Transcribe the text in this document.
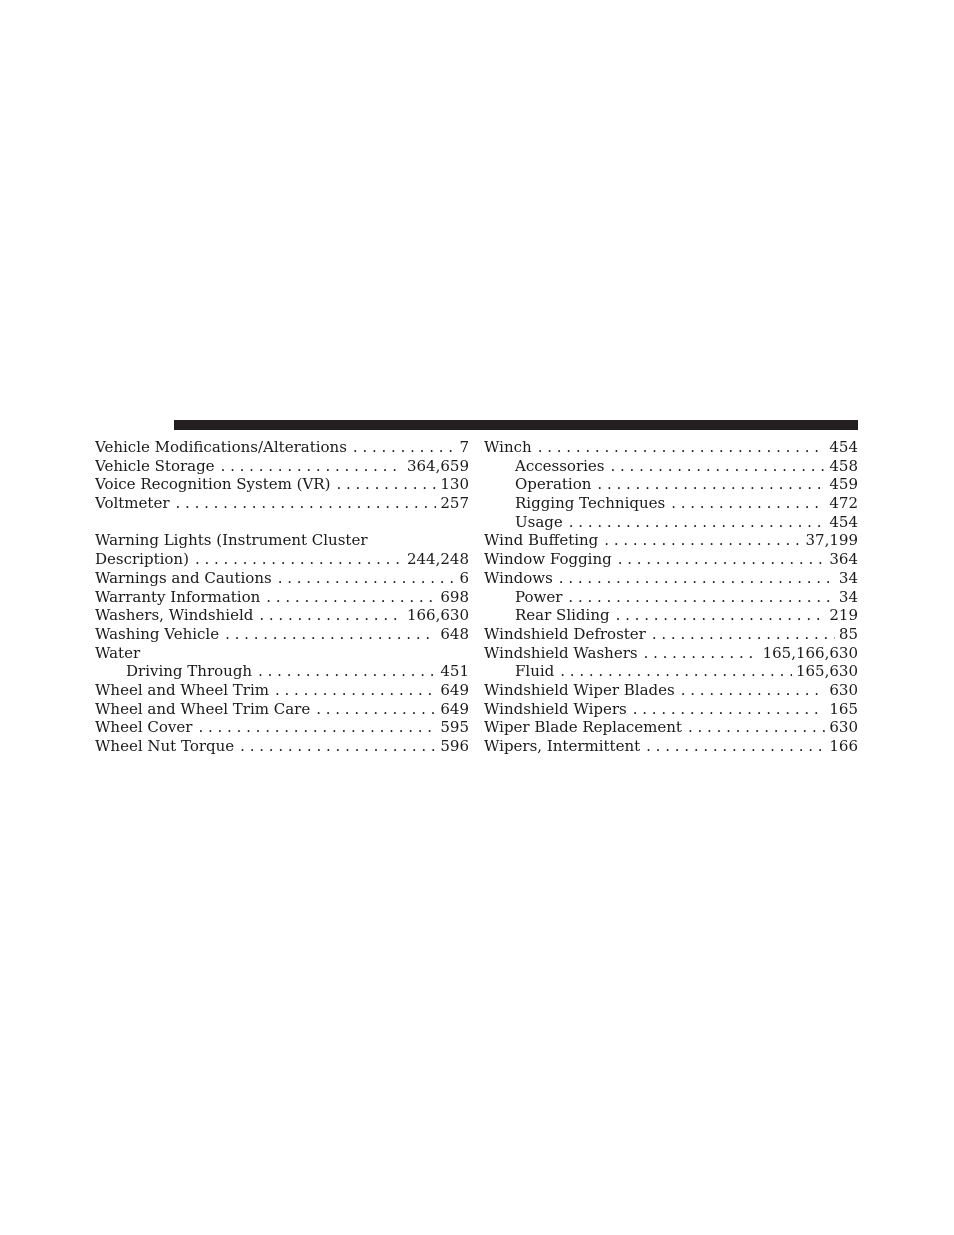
Vehicle Modifications/Alterations . . .	7
Vehicle Storage . . .	364,659
Voice Recognition System (VR) . . .	130
Voltmeter . . .	257
Warning Lights (Instrument Cluster
Description) . . .	244,248
Warnings and Cautions . . .	6
Warranty Information . . .	698
Washers, Windshield . . .	166,630
Washing Vehicle . . .	648
Water
Driving Through . . .	451
Wheel and Wheel Trim . . .	649
Wheel and Wheel Trim Care . . .	649
Wheel Cover . . .	595
Wheel Nut Torque . . .	596
Winch . . .	454
Accessories . . .	458
Operation . . .	459
Rigging Techniques . . .	472
Usage . . .	454
Wind Buffeting . . .	37,199
Window Fogging . . .	364
Windows . . .	34
Power . . .	34
Rear Sliding . . .	219
Windshield Defroster . . .	85
Windshield Washers . . .	165,166,630
Fluid . . .	165,630
Windshield Wiper Blades . . .	630
Windshield Wipers . . .	165
Wiper Blade Replacement . . .	630
Wipers, Intermittent . . .	166
